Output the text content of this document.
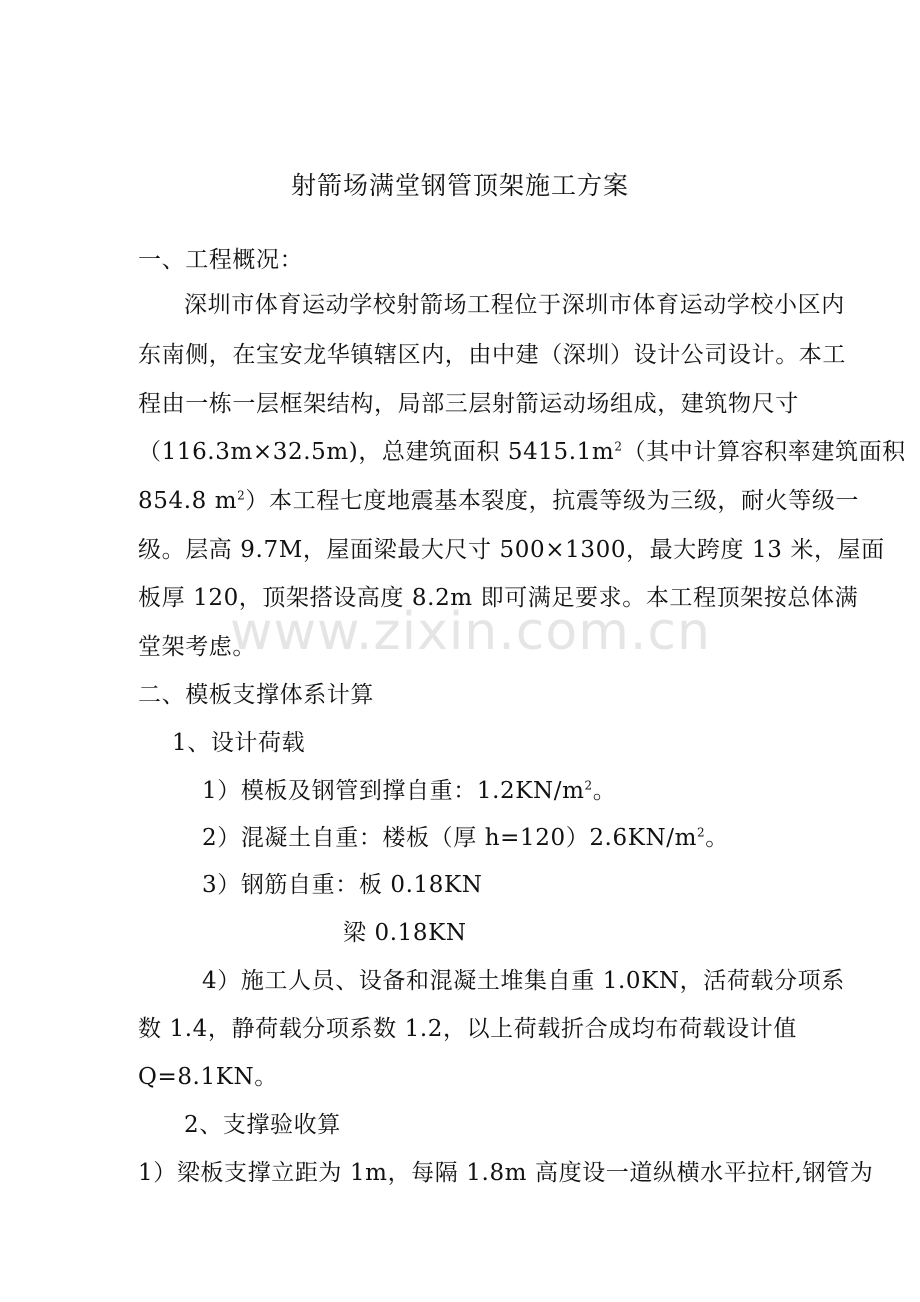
射箭场满堂钢管顶架施工方案
一、工程概况：
深圳市体育运动学校射箭场工程位于深圳市体育运动学校小区内
东南侧，在宝安龙华镇辖区内，由中建（深圳）设计公司设计。本工
程由一栋一层框架结构，局部三层射箭运动场组成，建筑物尺寸
（116.3m×32.5m)，总建筑面积 $5415.1m^2$（其中计算容积率建筑面积
854.8 $m^2$）本工程七度地震基本裂度，抗震等级为三级，耐火等级一
级。层高 9.7M，屋面梁最大尺寸 500×1300，最大跨度 13 米，屋面
板厚 120，顶架搭设高度 8.2m 即可满足要求。本工程顶架按总体满
堂架考虑。
二、模板支撑体系计算
1、设计荷载
1）模板及钢管到撑自重：$1.2KN/m^2$。
2）混凝土自重：楼板（厚 $h=120)2.6KN/m^2$。
3）钢筋自重：板 0.18KN
梁 0.18KN
4）施工人员、设备和混凝土堆集自重 1.0KN，活荷载分项系
数 1.4，静荷载分项系数 1.2，以上荷载折合成均布荷载设计值
Q=8.1KN。
2、支撑验收算
1）梁板支撑立距为 1m，每隔 1.8m 高度设一道纵横水平拉杆,钢管为
www.zixin.com.cn
